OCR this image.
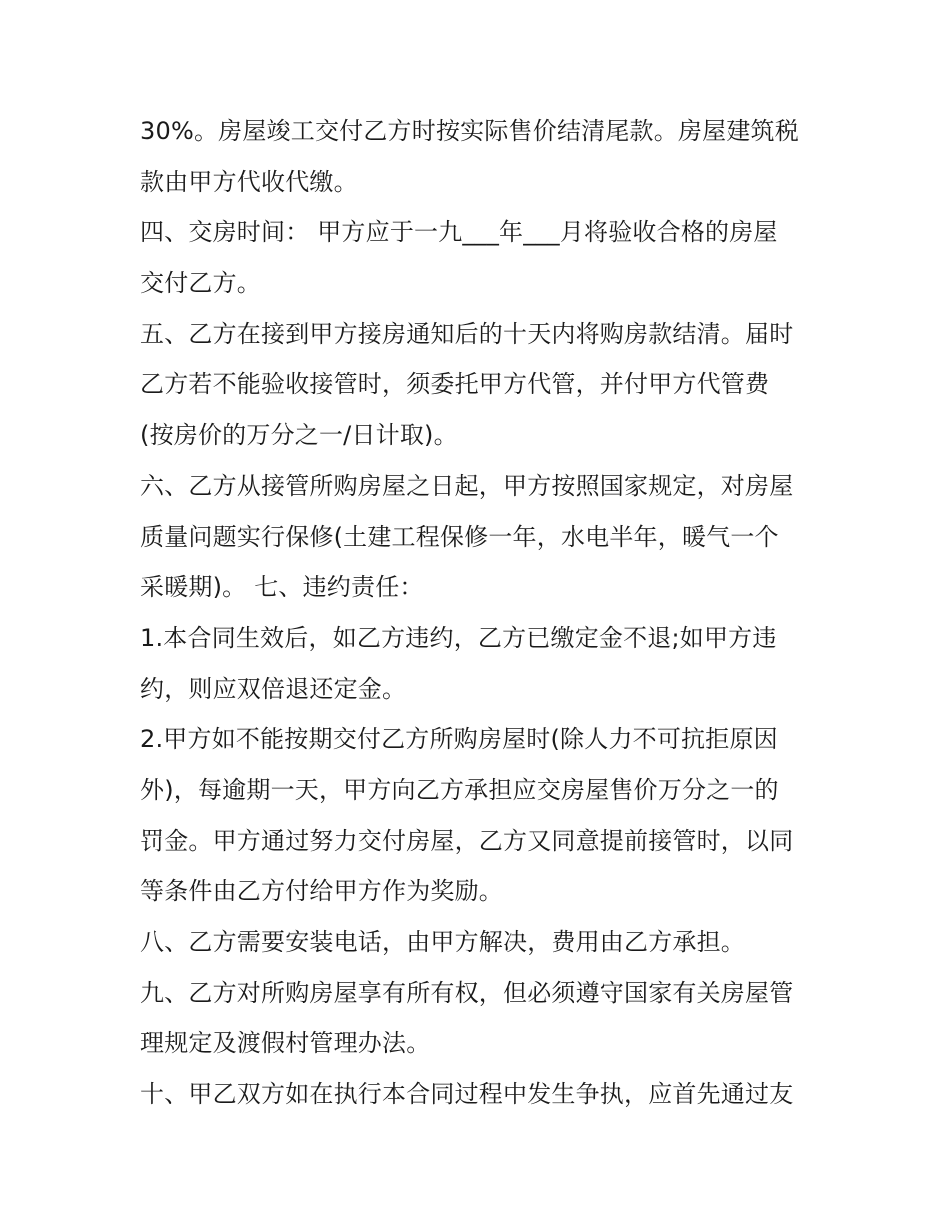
30%。房屋竣工交付乙方时按实际售价结清尾款。房屋建筑税
款由甲方代收代缴。
四、交房时间： 甲方应于一九___年___月将验收合格的房屋
交付乙方。
五、乙方在接到甲方接房通知后的十天内将购房款结清。届时
乙方若不能验收接管时，须委托甲方代管，并付甲方代管费
(按房价的万分之一/日计取)。
六、乙方从接管所购房屋之日起，甲方按照国家规定，对房屋
质量问题实行保修(土建工程保修一年，水电半年，暖气一个
采暖期)。 七、违约责任：
1.本合同生效后，如乙方违约，乙方已缴定金不退;如甲方违
约，则应双倍退还定金。
2.甲方如不能按期交付乙方所购房屋时(除人力不可抗拒原因
外)，每逾期一天，甲方向乙方承担应交房屋售价万分之一的
罚金。甲方通过努力交付房屋，乙方又同意提前接管时，以同
等条件由乙方付给甲方作为奖励。
八、乙方需要安装电话，由甲方解决，费用由乙方承担。
九、乙方对所购房屋享有所有权，但必须遵守国家有关房屋管
理规定及渡假村管理办法。
十、甲乙双方如在执行本合同过程中发生争执，应首先通过友
